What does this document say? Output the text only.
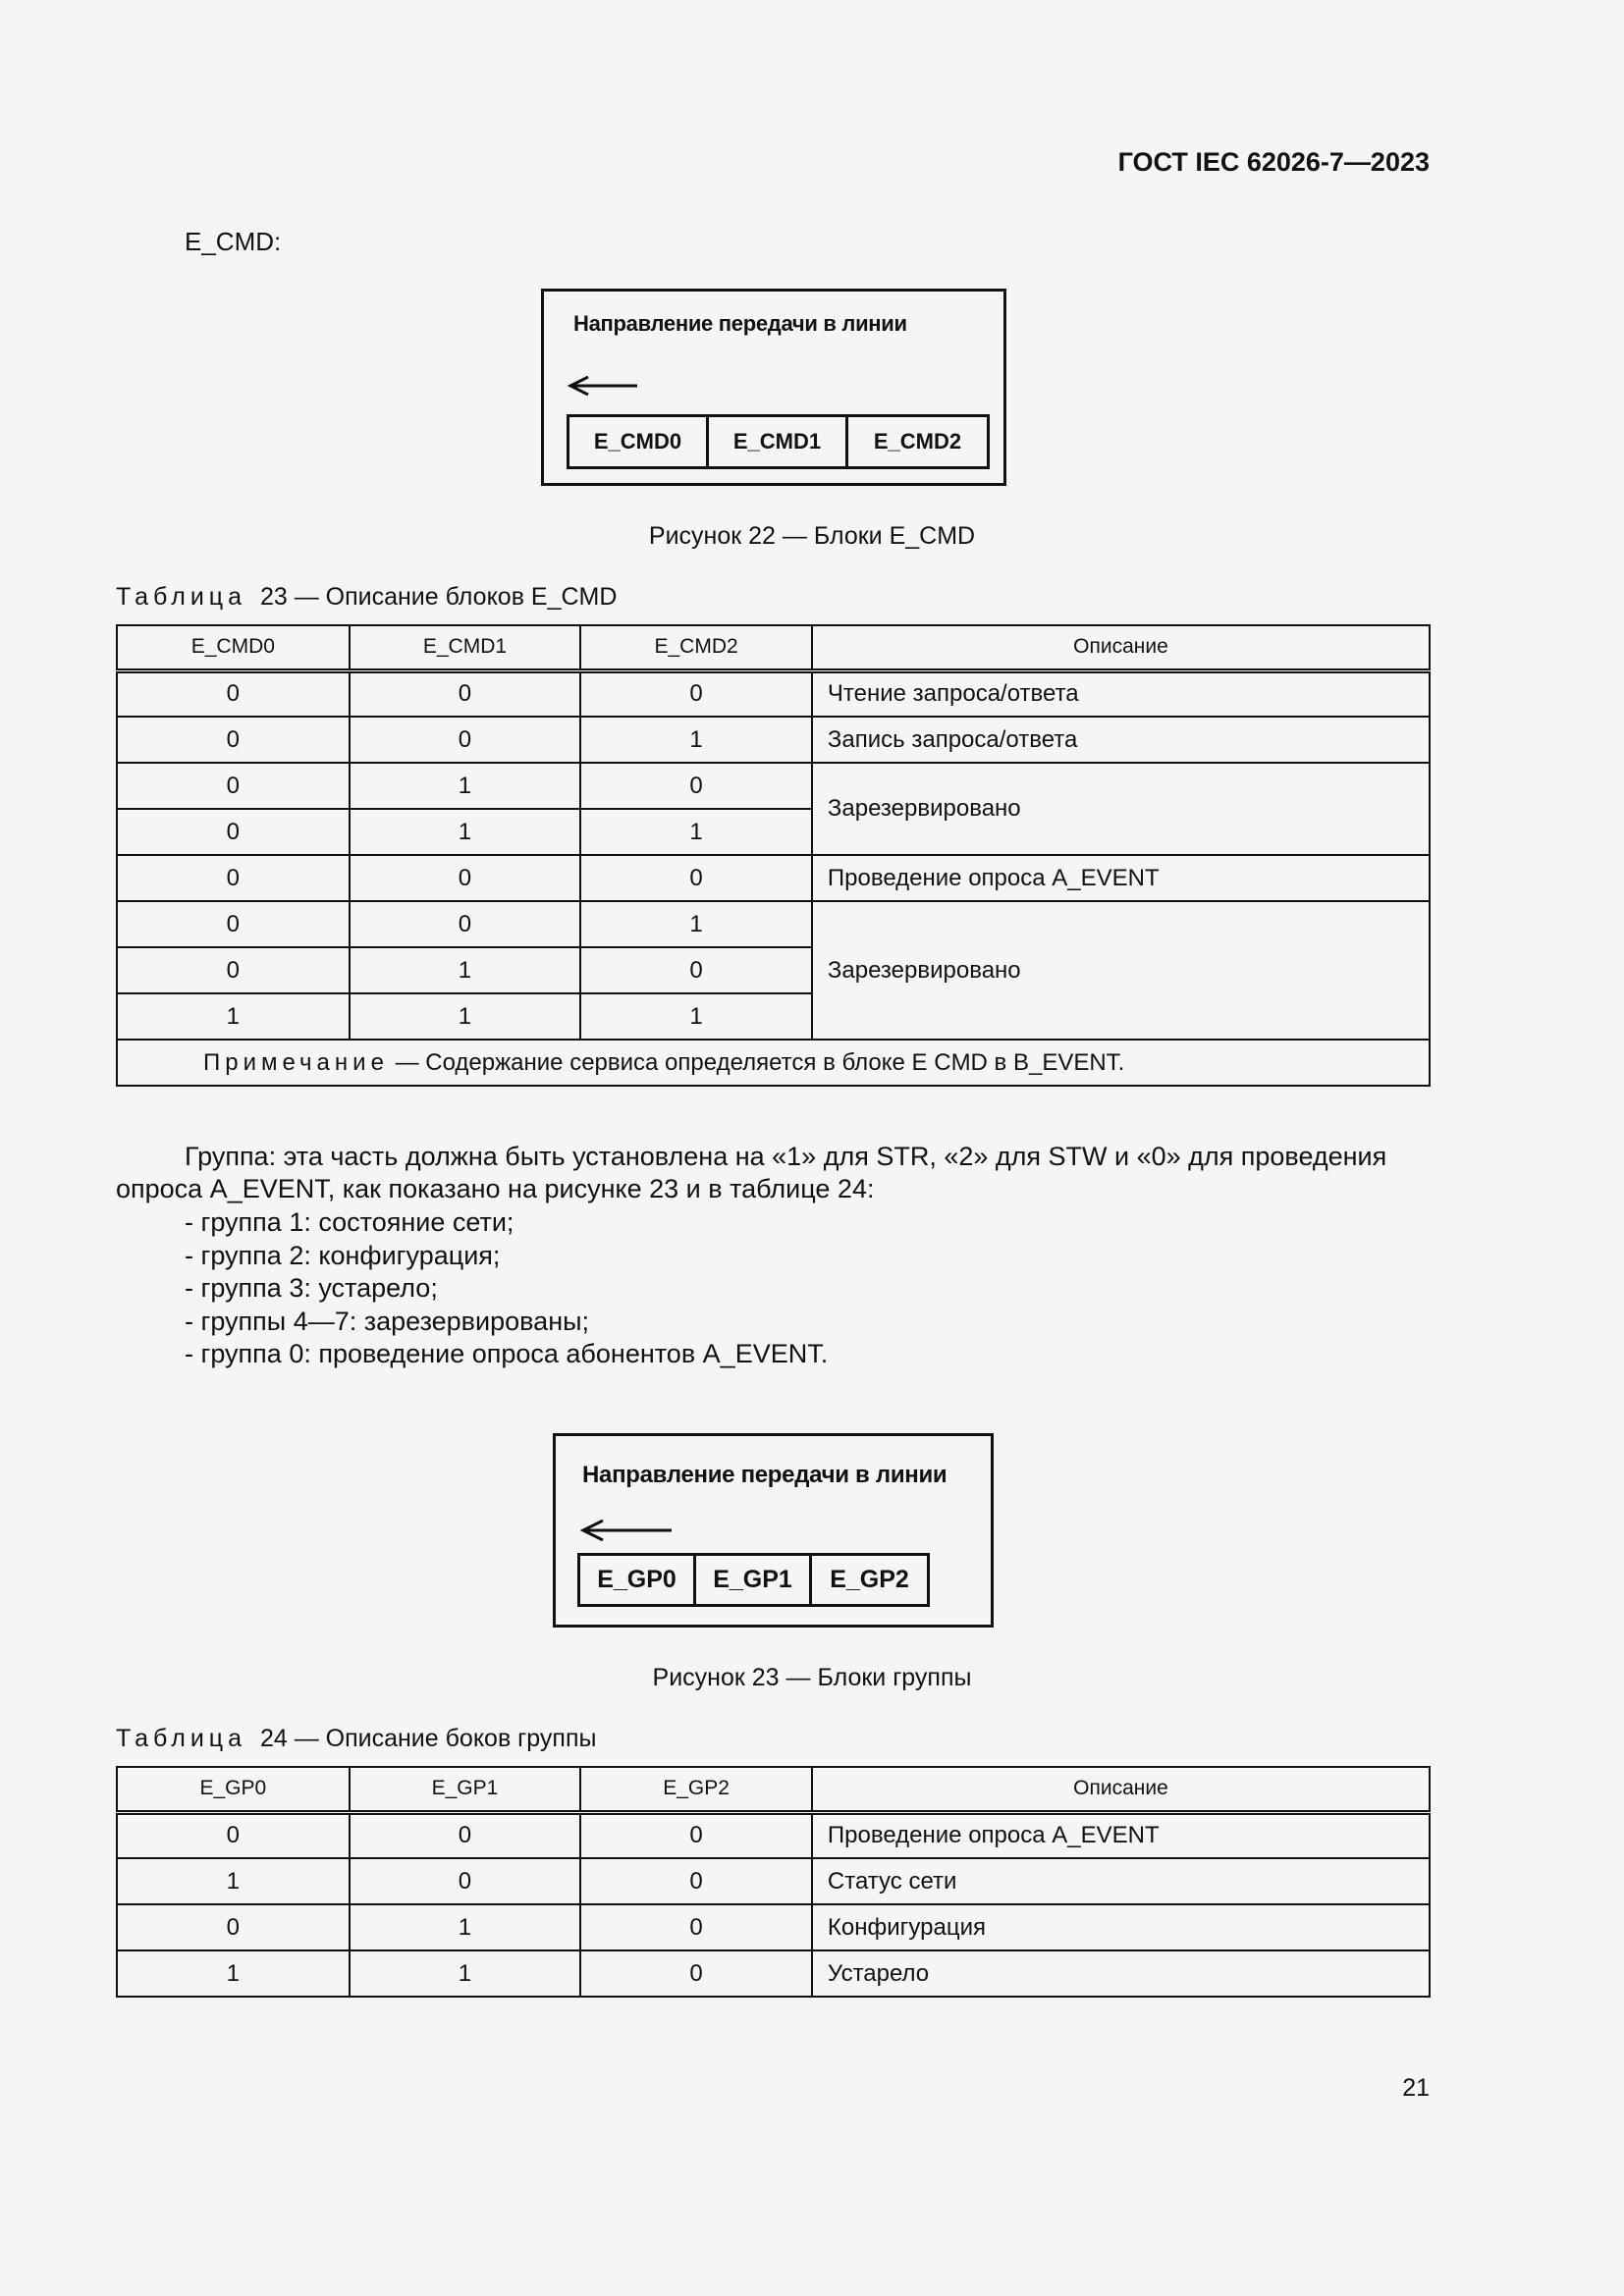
ГОСТ IEC 62026-7—2023
E_CMD:
Направление передачи в линии
E_CMD0	E_CMD1	E_CMD2
Рисунок 22 — Блоки E_CMD
Таблица 23 — Описание блоков E_CMD
E_CMD0	E_CMD1	E_CMD2	Описание
0	0	0	Чтение запроса/ответа
0	0	1	Запись запроса/ответа
0	1	0	Зарезервировано
0	1	1	
0	0	0	Проведение опроса A_EVENT
0	0	1	Зарезервировано
0	1	0	
1	1	1	
Примечание — Содержание сервиса определяется в блоке E CMD в B_EVENT.			
Группа: эта часть должна быть установлена на «1» для STR, «2» для STW и «0» для проведения
опроса A_EVENT, как показано на рисунке 23 и в таблице 24:
- группа 1: состояние сети;
- группа 2: конфигурация;
- группа 3: устарело;
- группы 4—7: зарезервированы;
- группа 0: проведение опроса абонентов A_EVENT.
Направление передачи в линии
E_GP0	E_GP1	E_GP2
Рисунок 23 — Блоки группы
Таблица 24 — Описание боков группы
E_GP0	E_GP1	E_GP2	Описание
0	0	0	Проведение опроса A_EVENT
1	0	0	Статус сети
0	1	0	Конфигурация
1	1	0	Устарело
21
